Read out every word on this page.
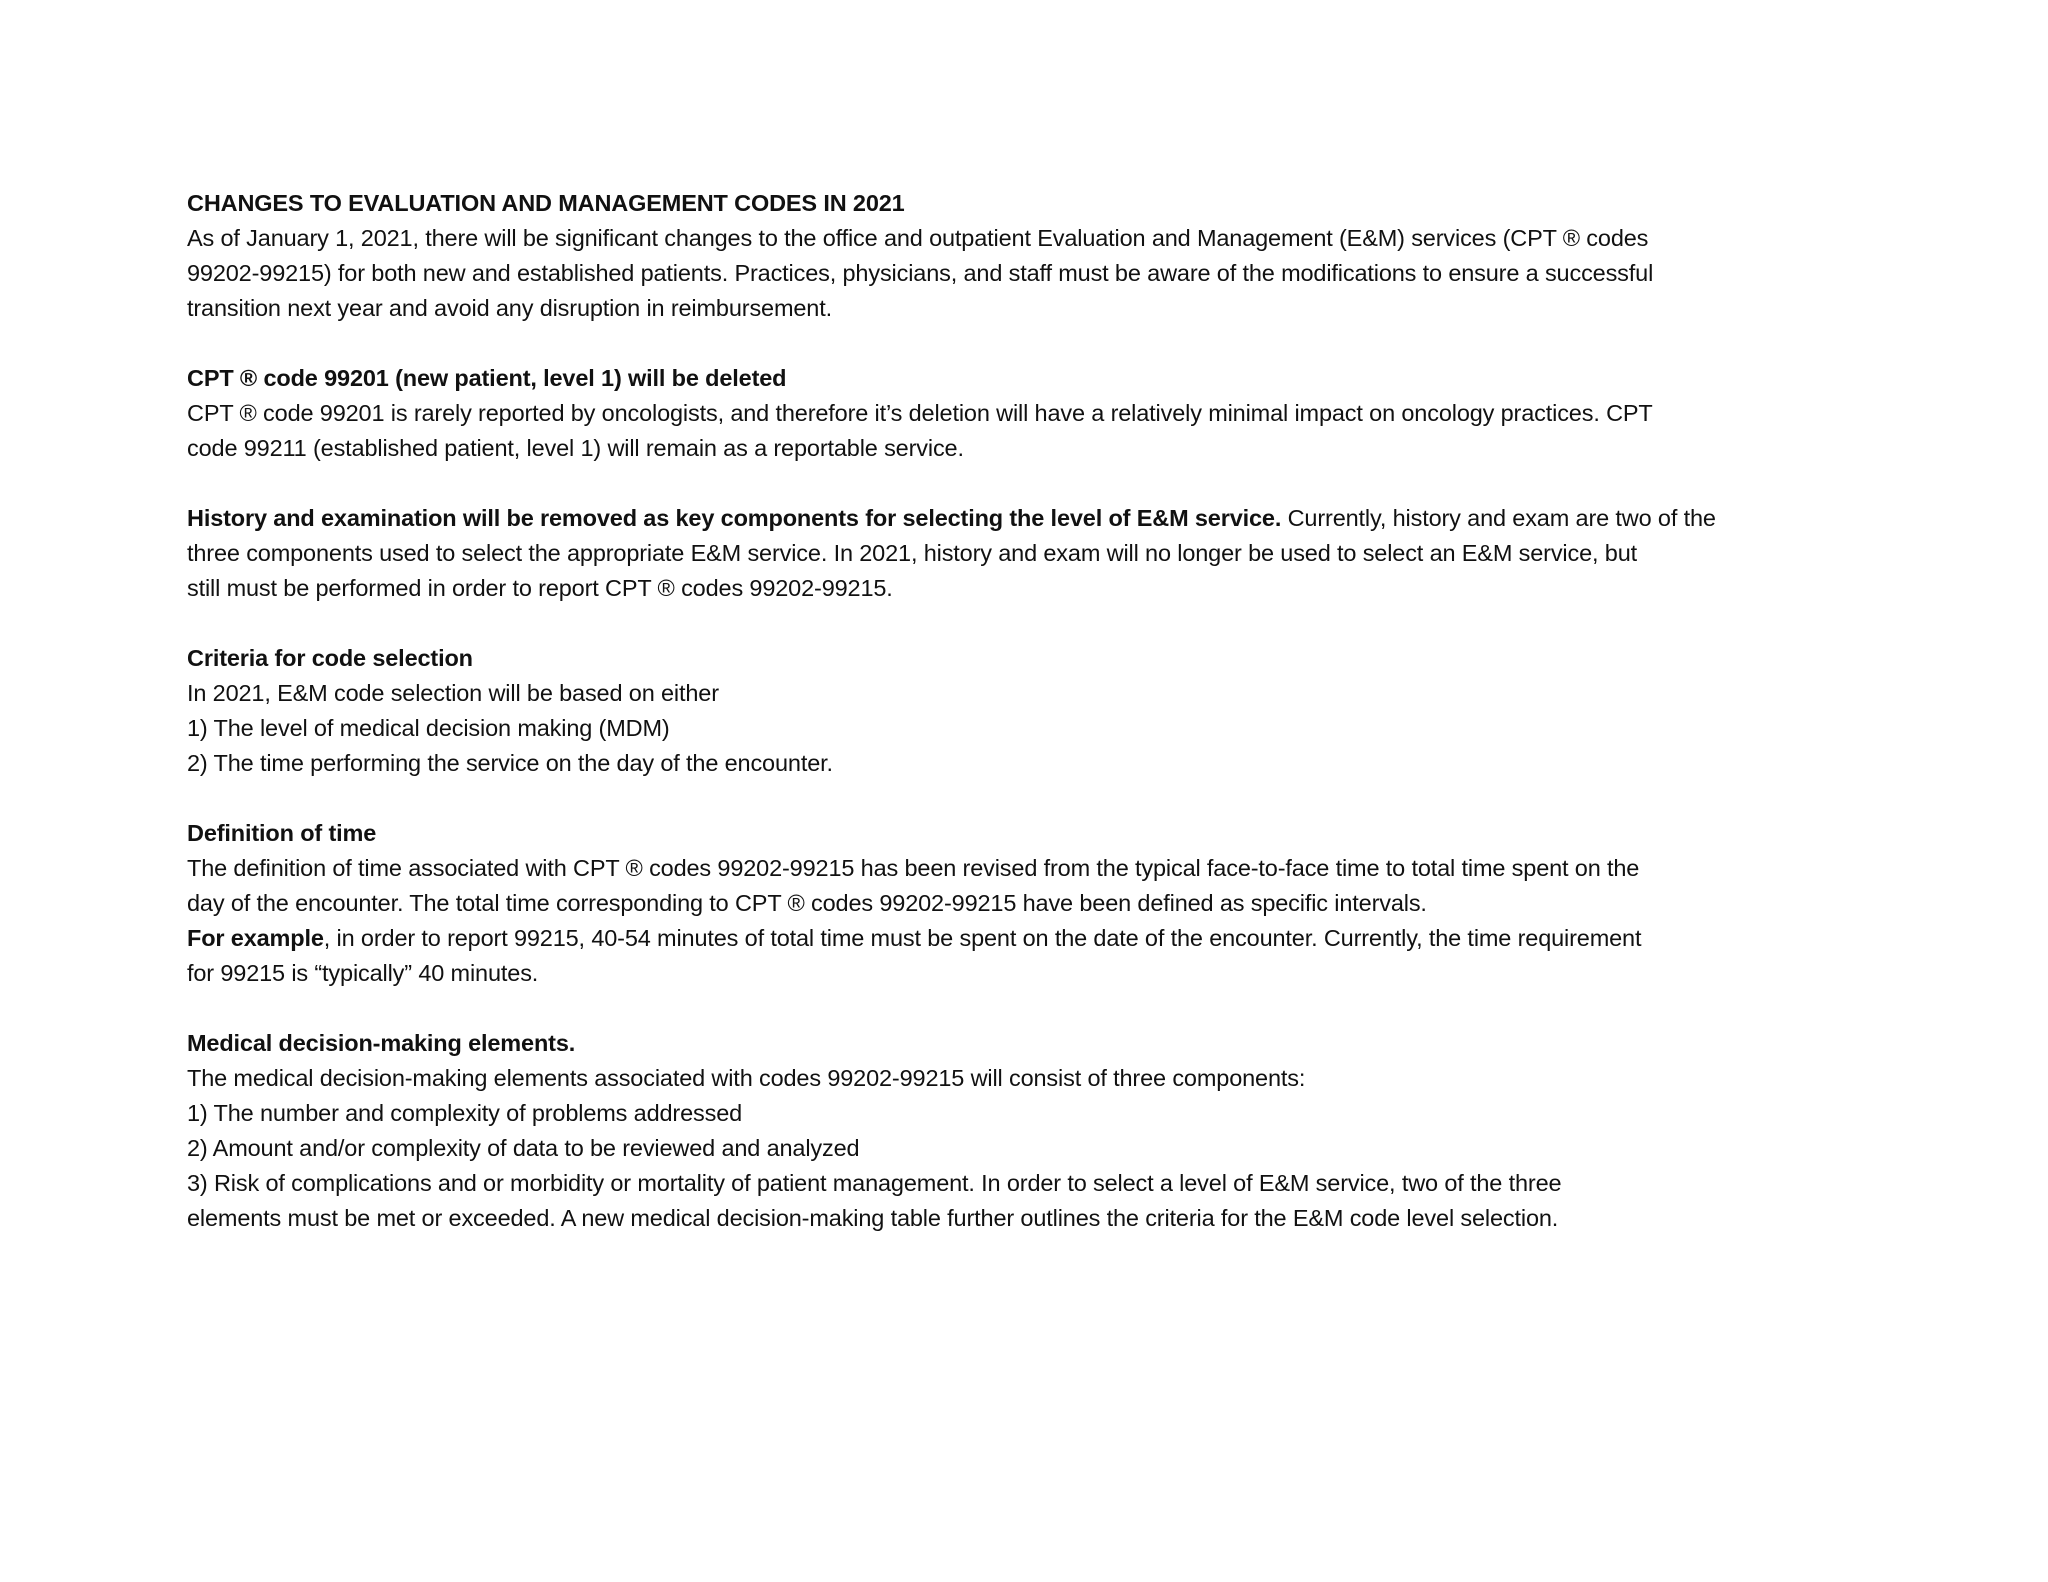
CHANGES TO EVALUATION AND MANAGEMENT CODES IN 2021
As of January 1, 2021, there will be significant changes to the office and outpatient Evaluation and Management (E&M) services (CPT ® codes
99202-99215) for both new and established patients. Practices, physicians, and staff must be aware of the modifications to ensure a successful
transition next year and avoid any disruption in reimbursement.
CPT ® code 99201 (new patient, level 1) will be deleted
CPT ® code 99201 is rarely reported by oncologists, and therefore it’s deletion will have a relatively minimal impact on oncology practices. CPT
code 99211 (established patient, level 1) will remain as a reportable service.
History and examination will be removed as key components for selecting the level of E&M service. Currently, history and exam are two of the
three components used to select the appropriate E&M service. In 2021, history and exam will no longer be used to select an E&M service, but
still must be performed in order to report CPT ® codes 99202-99215.
Criteria for code selection
In 2021, E&M code selection will be based on either
1) The level of medical decision making (MDM)
2) The time performing the service on the day of the encounter.
Definition of time
The definition of time associated with CPT ® codes 99202-99215 has been revised from the typical face-to-face time to total time spent on the
day of the encounter. The total time corresponding to CPT ® codes 99202-99215 have been defined as specific intervals.
For example, in order to report 99215, 40-54 minutes of total time must be spent on the date of the encounter. Currently, the time requirement
for 99215 is “typically” 40 minutes.
Medical decision-making elements.
The medical decision-making elements associated with codes 99202-99215 will consist of three components:
1) The number and complexity of problems addressed
2) Amount and/or complexity of data to be reviewed and analyzed
3) Risk of complications and or morbidity or mortality of patient management. In order to select a level of E&M service, two of the three
elements must be met or exceeded. A new medical decision-making table further outlines the criteria for the E&M code level selection.
